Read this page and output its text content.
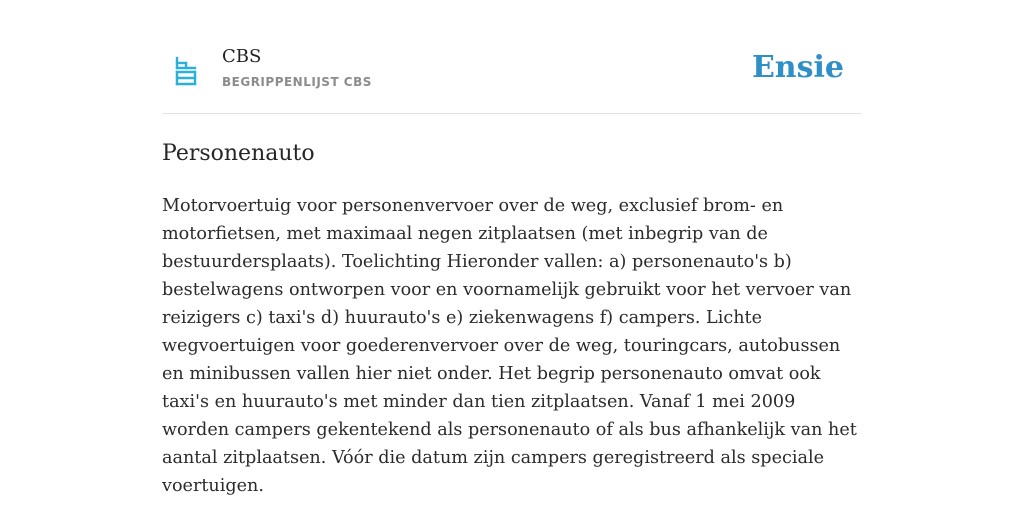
CBS
BEGRIPPENLIJST CBS	Ensie
Personenauto

Motorvoertuig voor personenvervoer over de weg, exclusief brom- en motorfietsen, met maximaal negen zitplaatsen (met inbegrip van de bestuurdersplaats). Toelichting Hieronder vallen: a) personenauto's b) bestelwagens ontworpen voor en voornamelijk gebruikt voor het vervoer van reizigers c) taxi's d) huurauto's e) ziekenwagens f) campers. Lichte wegvoertuigen voor goederenvervoer over de weg, touringcars, autobussen en minibussen vallen hier niet onder. Het begrip personenauto omvat ook taxi's en huurauto's met minder dan tien zitplaatsen. Vanaf 1 mei 2009 worden campers gekentekend als personenauto of als bus afhankelijk van het aantal zitplaatsen. Vóór die datum zijn campers geregistreerd als speciale voertuigen.
